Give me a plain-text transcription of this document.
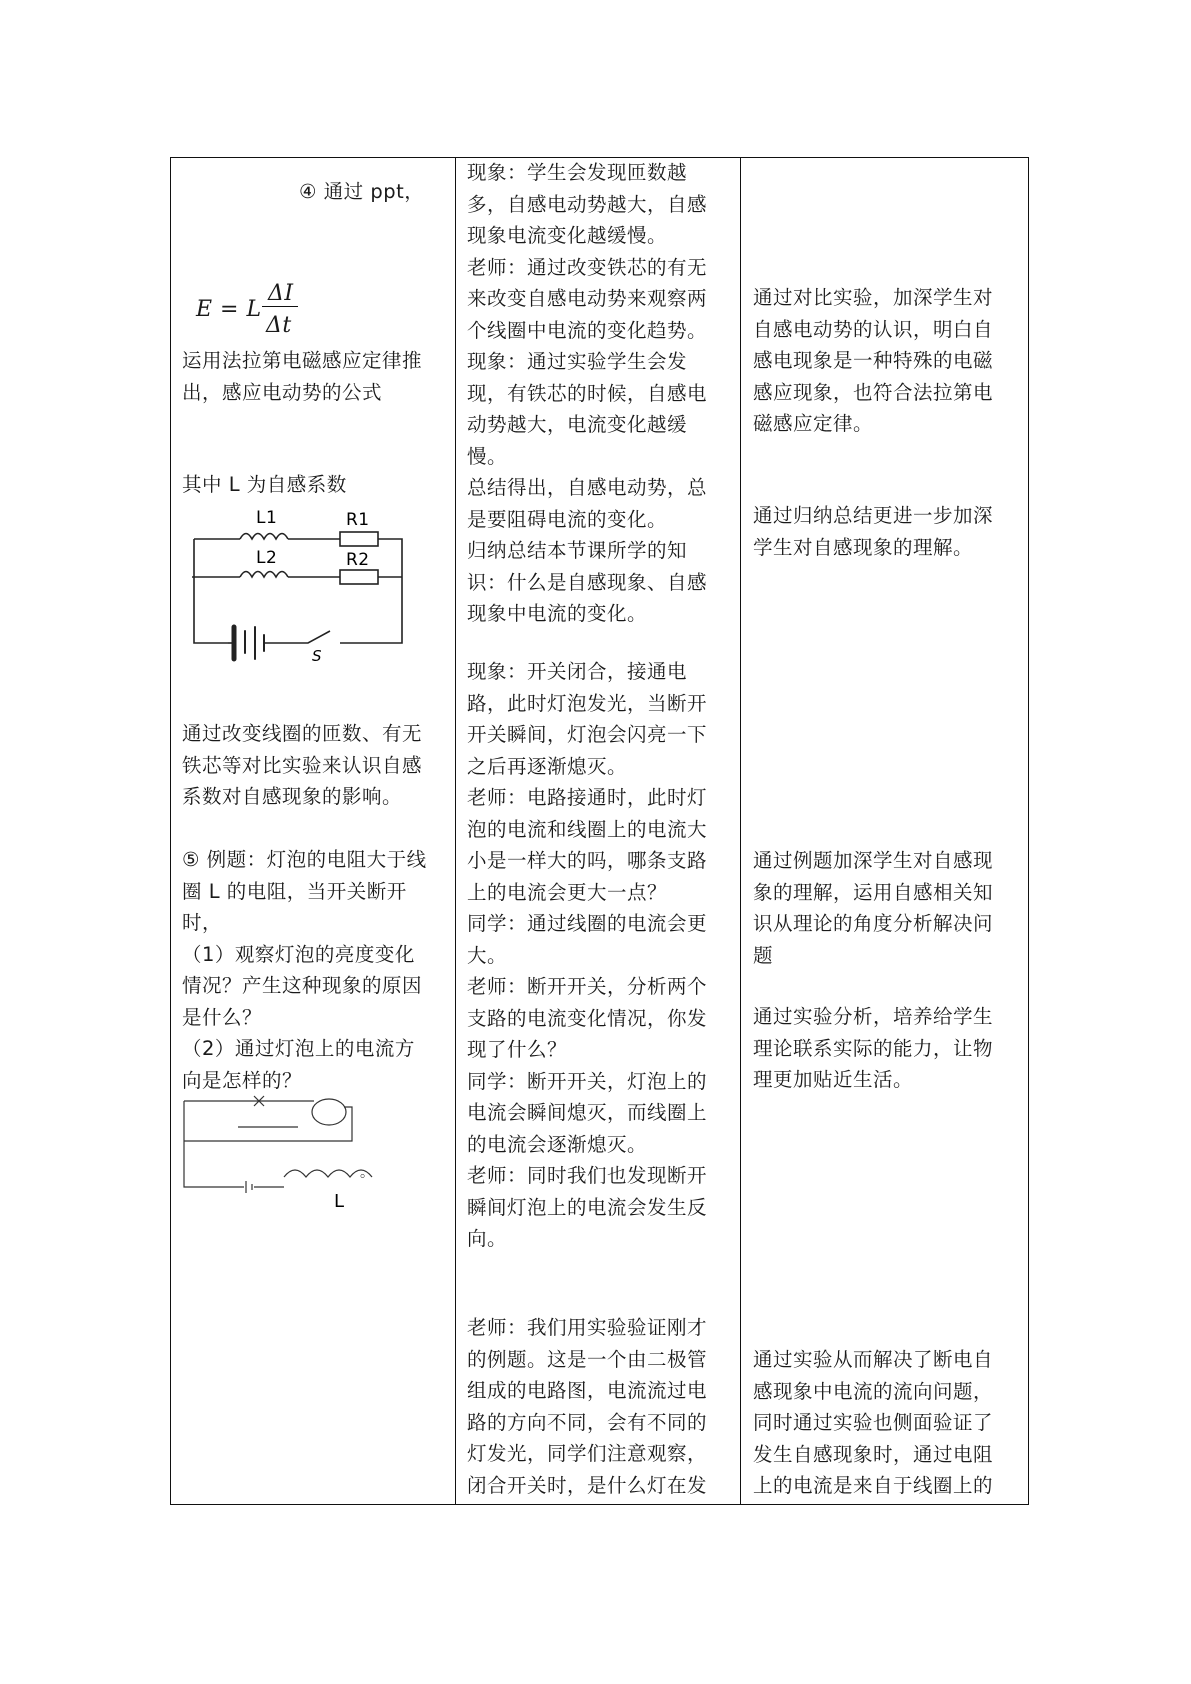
④ 通过 ppt，
E = L
ΔI
Δt
运用法拉第电磁感应定律推
出，感应电动势的公式
其中 L 为自感系数
L1	R1
L2	R2
S
通过改变线圈的匝数、有无
铁芯等对比实验来认识自感
系数对自感现象的影响。
⑤ 例题：灯泡的电阻大于线
圈 L 的电阻，当开关断开
时，
（1）观察灯泡的亮度变化
情况？产生这种现象的原因
是什么？
（2）通过灯泡上的电流方
向是怎样的？
L
。
现象：学生会发现匝数越
多，自感电动势越大，自感
现象电流变化越缓慢。
老师：通过改变铁芯的有无
来改变自感电动势来观察两
个线圈中电流的变化趋势。
现象：通过实验学生会发
现，有铁芯的时候，自感电
动势越大，电流变化越缓
慢。
总结得出，自感电动势，总
是要阻碍电流的变化。
归纳总结本节课所学的知
识：什么是自感现象、自感
现象中电流的变化。
现象：开关闭合，接通电
路，此时灯泡发光，当断开
开关瞬间，灯泡会闪亮一下
之后再逐渐熄灭。
老师：电路接通时，此时灯
泡的电流和线圈上的电流大
小是一样大的吗，哪条支路
上的电流会更大一点？
同学：通过线圈的电流会更
大。
老师：断开开关，分析两个
支路的电流变化情况，你发
现了什么？
同学：断开开关，灯泡上的
电流会瞬间熄灭，而线圈上
的电流会逐渐熄灭。
老师：同时我们也发现断开
瞬间灯泡上的电流会发生反
向。
老师：我们用实验验证刚才
的例题。这是一个由二极管
组成的电路图，电流流过电
路的方向不同，会有不同的
灯发光，同学们注意观察，
闭合开关时，是什么灯在发
通过对比实验，加深学生对
自感电动势的认识，明白自
感电现象是一种特殊的电磁
感应现象，也符合法拉第电
磁感应定律。
通过归纳总结更进一步加深
学生对自感现象的理解。
通过例题加深学生对自感现
象的理解，运用自感相关知
识从理论的角度分析解决问
题
通过实验分析，培养给学生
理论联系实际的能力，让物
理更加贴近生活。
通过实验从而解决了断电自
感现象中电流的流向问题，
同时通过实验也侧面验证了
发生自感现象时，通过电阻
上的电流是来自于线圈上的
